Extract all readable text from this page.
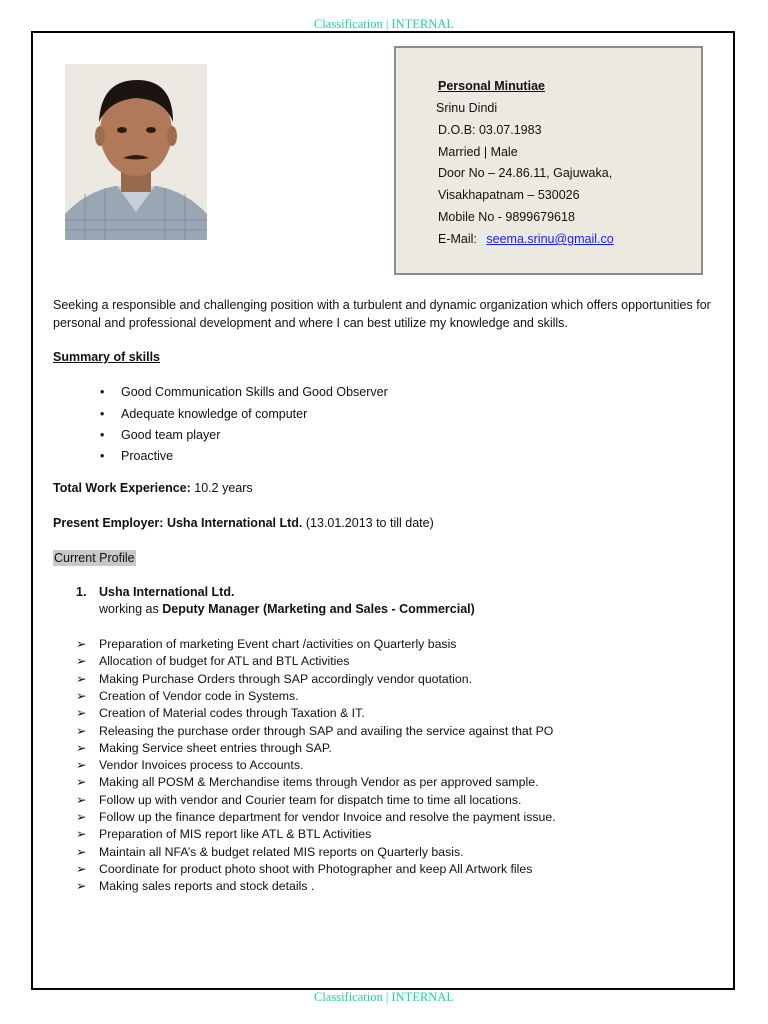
Classification | INTERNAL
Personal Minutiae
Srinu Dindi
D.O.B: 03.07.1983
Married | Male
Door No – 24.86.11, Gajuwaka,
Visakhapatnam – 530026
Mobile No - 9899679618
E-Mail: seema.srinu@gmail.co
Seeking a responsible and challenging position with a turbulent and dynamic organization which offers opportunities for personal and professional development and where I can best utilize my knowledge and skills.
Summary of skills
• Good Communication Skills and Good Observer
• Adequate knowledge of computer
• Good team player
• Proactive
Total Work Experience: 10.2 years
Present Employer: Usha International Ltd. (13.01.2013 to till date)
Current Profile
1. Usha International Ltd.
working as Deputy Manager (Marketing and Sales - Commercial)
➢ Preparation of marketing Event chart /activities on Quarterly basis
➢ Allocation of budget for ATL and BTL Activities
➢ Making Purchase Orders through SAP accordingly vendor quotation.
➢ Creation of Vendor code in Systems.
➢ Creation of Material codes through Taxation & IT.
➢ Releasing the purchase order through SAP and availing the service against that PO
➢ Making Service sheet entries through SAP.
➢ Vendor Invoices process to Accounts.
➢ Making all POSM & Merchandise items through Vendor as per approved sample.
➢ Follow up with vendor and Courier team for dispatch time to time all locations.
➢ Follow up the finance department for vendor Invoice and resolve the payment issue.
➢ Preparation of MIS report like ATL & BTL Activities
➢ Maintain all NFA’s & budget related MIS reports on Quarterly basis.
➢ Coordinate for product photo shoot with Photographer and keep All Artwork files
➢ Making sales reports and stock details .
Classification | INTERNAL
